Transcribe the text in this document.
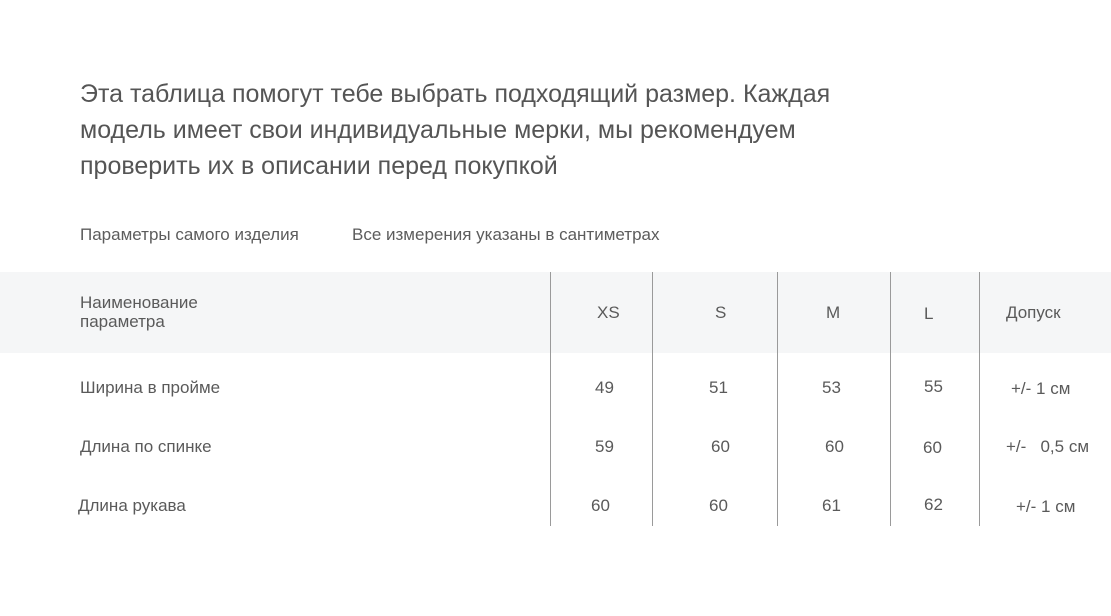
Эта таблица помогут тебе выбрать подходящий размер. Каждая
модель имеет свои индивидуальные мерки, мы рекомендуем
проверить их в описании перед покупкой
Параметры самого изделия	Все измерения указаны в сантиметрах
Наименование
параметра	XS	S	M	L	Допуск
Ширина в пройме	49	51	53	55	+/- 1 см
Длина по спинке	59	60	60	60	+/-   0,5 см
Длина рукава	60	60	61	62	+/- 1 см
